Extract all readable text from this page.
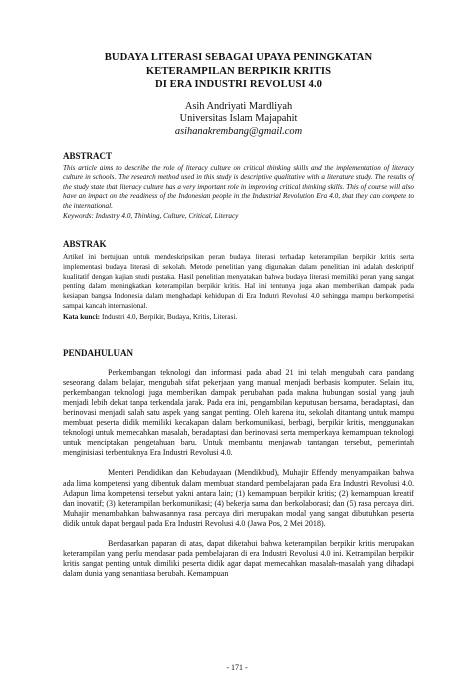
BUDAYA LITERASI SEBAGAI UPAYA PENINGKATAN
KETERAMPILAN BERPIKIR KRITIS
DI ERA INDUSTRI REVOLUSI 4.0
Asih Andriyati Mardliyah
Universitas Islam Majapahit
asihanakrembang@gmail.com
ABSTRACT
This article aims to describe the role of literacy culture on critical thinking skills and the implementation of literacy culture in schools. The research method used in this study is descriptive qualitative with a literature study. The results of the study state that literacy culture has a very important role in improving critical thinking skills. This of course will also have an impact on the readiness of the Indonesian people in the Industrial Revolution Era 4.0, that they can compete to the international.
Keywords: Industry 4.0, Thinking, Culture, Critical, Literacy
ABSTRAK
Artikel ini bertujuan untuk mendeskripsikan peran budaya literasi terhadap keterampilan berpikir kritis serta implementasi budaya literasi di sekolah. Metode penelitian yang digunakan dalam penelitian ini adalah deskriptif kualitatif dengan kajian studi pustaka. Hasil penelitian menyatakan bahwa budaya literasi memiliki peran yang sangat penting dalam meningkatkan keterampilan berpikir kritis. Hal ini tentunya juga akan memberikan dampak pada kesiapan bangsa Indonesia dalam menghadapi kehidupan di Era Indutri Revolusi 4.0 sehingga mampu berkompetisi sampai kancah internasional.
Kata kunci: Industri 4.0, Berpikir, Budaya, Kritis, Literasi.
PENDAHULUAN

Perkembangan teknologi dan informasi pada abad 21 ini telah mengubah cara pandang seseorang dalam belajar, mengubah sifat pekerjaan yang manual menjadi berbasis komputer. Selain itu, perkembangan teknologi juga memberikan dampak perubahan pada makna hubungan sosial yang jauh menjadi lebih dekat tanpa terkendala jarak. Pada era ini, pengambilan keputusan bersama, beradaptasi, dan berinovasi menjadi salah satu aspek yang sangat penting. Oleh karena itu, sekolah ditantang untuk mampu membuat peserta didik memiliki kecakapan dalam berkomunikasi, berbagi, berpikir kritis, menggunakan teknologi untuk memecahkan masalah, beradaptasi dan berinovasi serta memperkaya kemampuan teknologi untuk menciptakan pengetahuan baru. Untuk membantu menjawab tantangan tersebut, pemerintah menginisiasi terbentuknya Era Industri Revolusi 4.0.

Menteri Pendidikan dan Kebudayaan (Mendikbud), Muhajir Effendy menyampaikan bahwa ada lima kompetensi yang dibentuk dalam membuat standard pembelajaran pada Era Industri Revolusi 4.0. Adapun lima kompetensi tersebut yakni antara lain; (1) kemampuan berpikir kritis; (2) kemampuan kreatif dan inovatif; (3) keterampilan berkomunikasi; (4) bekerja sama dan berkolaborasi; dan (5) rasa percaya diri. Muhajir menambahkan bahwasannya rasa percaya diri merupakan modal yang sangat dibutuhkan peserta didik untuk dapat bergaul pada Era Industri Revolusi 4.0 (Jawa Pos, 2 Mei 2018).

Berdasarkan paparan di atas, dapat diketahui bahwa keterampilan berpikir kritis merupakan keterampilan yang perlu mendasar pada pembelajaran di era Industri Revolusi 4.0 ini. Ketrampilan berpikir kritis sangat penting untuk dimiliki peserta didik agar dapat memecahkan masalah-masalah yang dihadapi dalam dunia yang senantiasa berubah. Kemampuan

- 171 -
